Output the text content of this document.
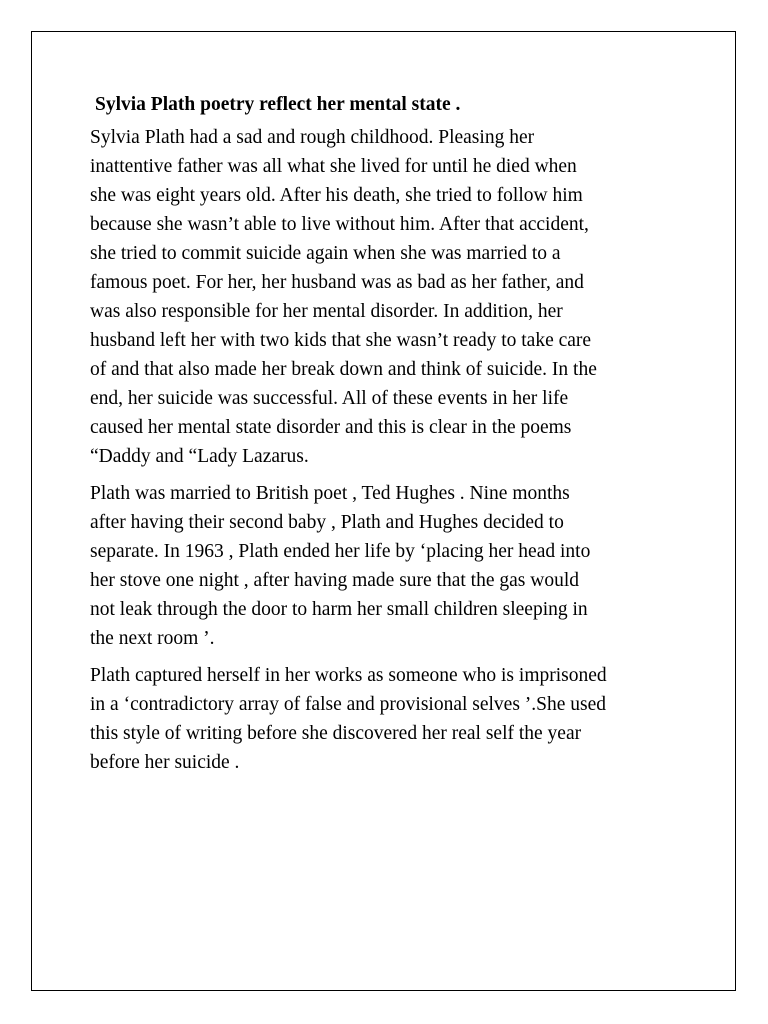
Sylvia Plath poetry reflect her mental state .
Sylvia Plath had a sad and rough childhood. Pleasing her
inattentive father was all what she lived for until he died when
she was eight years old. After his death, she tried to follow him
because she wasn’t able to live without him. After that accident,
she tried to commit suicide again when she was married to a
famous poet. For her, her husband was as bad as her father, and
was also responsible for her mental disorder. In addition, her
husband left her with two kids that she wasn’t ready to take care
of and that also made her break down and think of suicide. In the
end, her suicide was successful. All of these events in her life
caused her mental state disorder and this is clear in the poems
“Daddy and “Lady Lazarus.
Plath was married to British poet , Ted Hughes . Nine months
after having their second baby , Plath and Hughes decided to
separate. In 1963 , Plath ended her life by ‘placing her head into
her stove one night , after having made sure that the gas would
not leak through the door to harm her small children sleeping in
the next room ’.
Plath captured herself in her works as someone who is imprisoned
in a ‘contradictory array of false and provisional selves ’.She used
this style of writing before she discovered her real self the year
before her suicide .
